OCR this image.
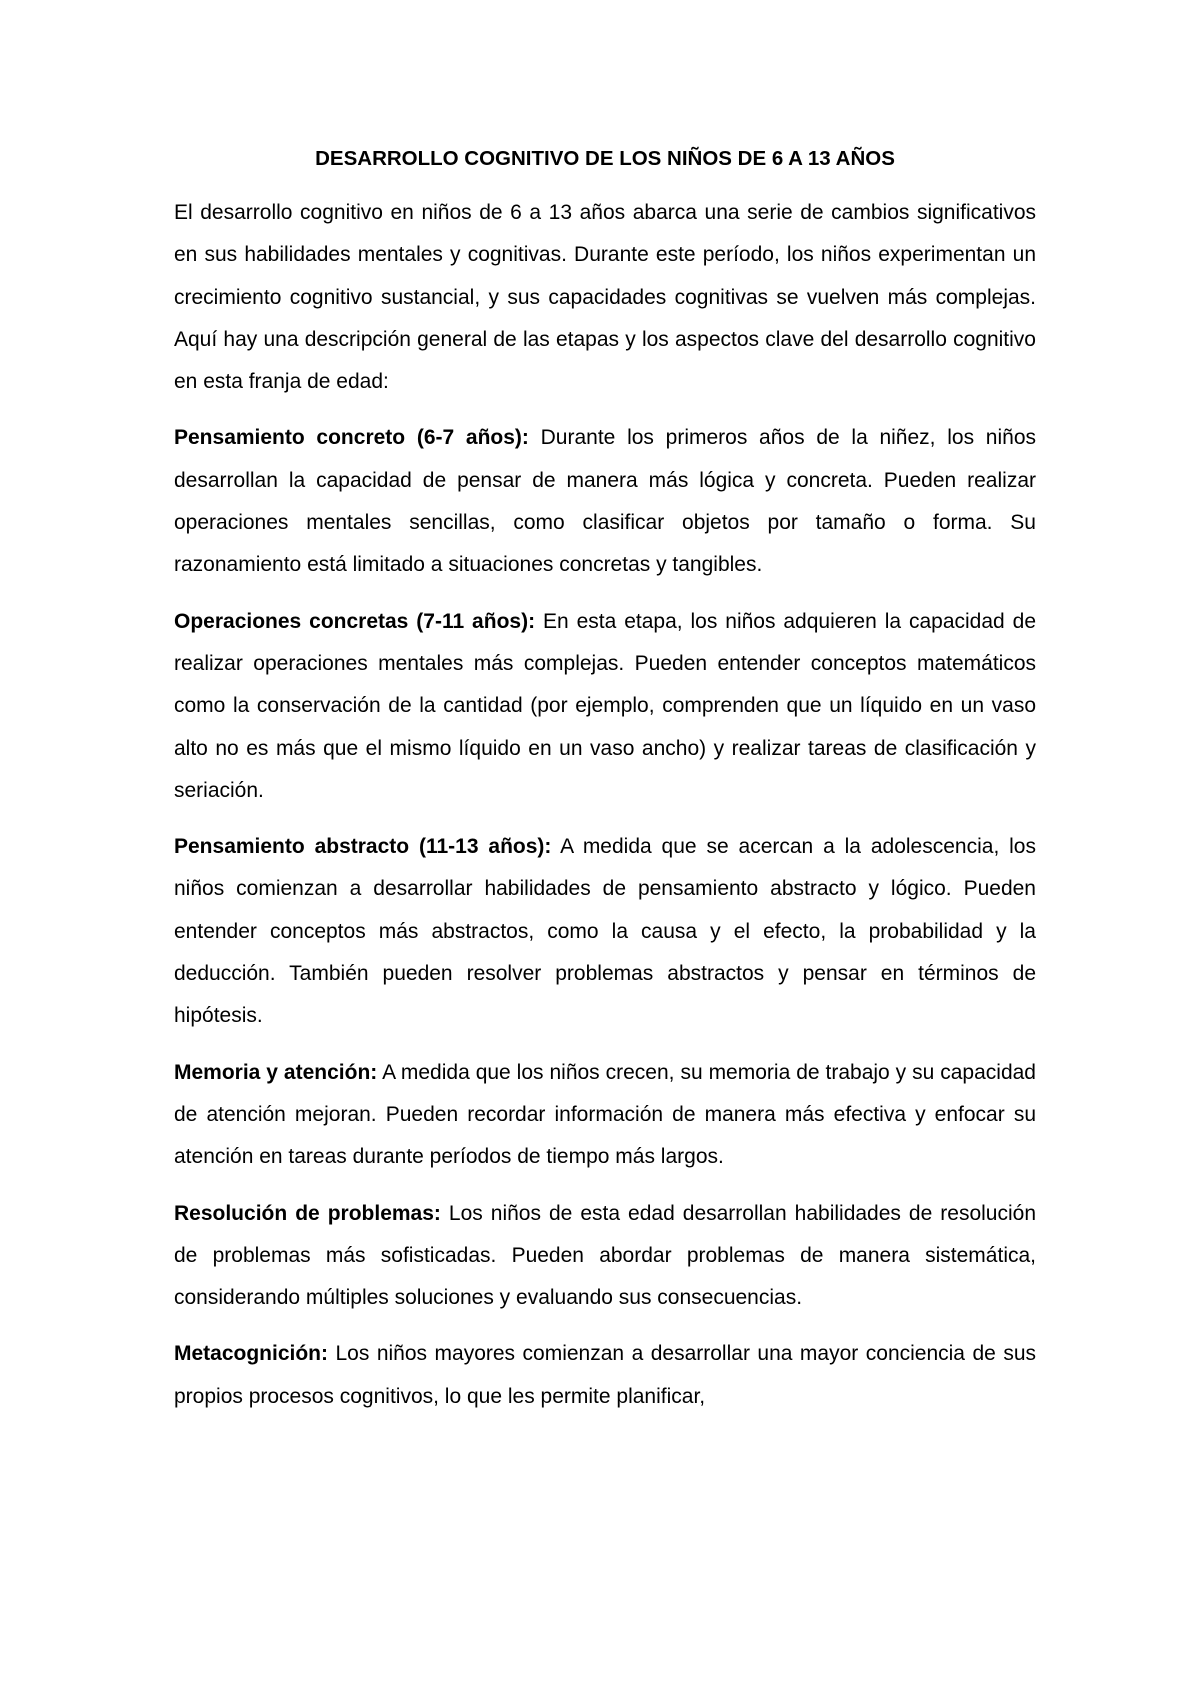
DESARROLLO COGNITIVO DE LOS NIÑOS DE 6 A 13 AÑOS

El desarrollo cognitivo en niños de 6 a 13 años abarca una serie de cambios significativos en sus habilidades mentales y cognitivas. Durante este período, los niños experimentan un crecimiento cognitivo sustancial, y sus capacidades cognitivas se vuelven más complejas. Aquí hay una descripción general de las etapas y los aspectos clave del desarrollo cognitivo en esta franja de edad:

Pensamiento concreto (6-7 años): Durante los primeros años de la niñez, los niños desarrollan la capacidad de pensar de manera más lógica y concreta. Pueden realizar operaciones mentales sencillas, como clasificar objetos por tamaño o forma. Su razonamiento está limitado a situaciones concretas y tangibles.

Operaciones concretas (7-11 años): En esta etapa, los niños adquieren la capacidad de realizar operaciones mentales más complejas. Pueden entender conceptos matemáticos como la conservación de la cantidad (por ejemplo, comprenden que un líquido en un vaso alto no es más que el mismo líquido en un vaso ancho) y realizar tareas de clasificación y seriación.

Pensamiento abstracto (11-13 años): A medida que se acercan a la adolescencia, los niños comienzan a desarrollar habilidades de pensamiento abstracto y lógico. Pueden entender conceptos más abstractos, como la causa y el efecto, la probabilidad y la deducción. También pueden resolver problemas abstractos y pensar en términos de hipótesis.

Memoria y atención: A medida que los niños crecen, su memoria de trabajo y su capacidad de atención mejoran. Pueden recordar información de manera más efectiva y enfocar su atención en tareas durante períodos de tiempo más largos.

Resolución de problemas: Los niños de esta edad desarrollan habilidades de resolución de problemas más sofisticadas. Pueden abordar problemas de manera sistemática, considerando múltiples soluciones y evaluando sus consecuencias.

Metacognición: Los niños mayores comienzan a desarrollar una mayor conciencia de sus propios procesos cognitivos, lo que les permite planificar,
